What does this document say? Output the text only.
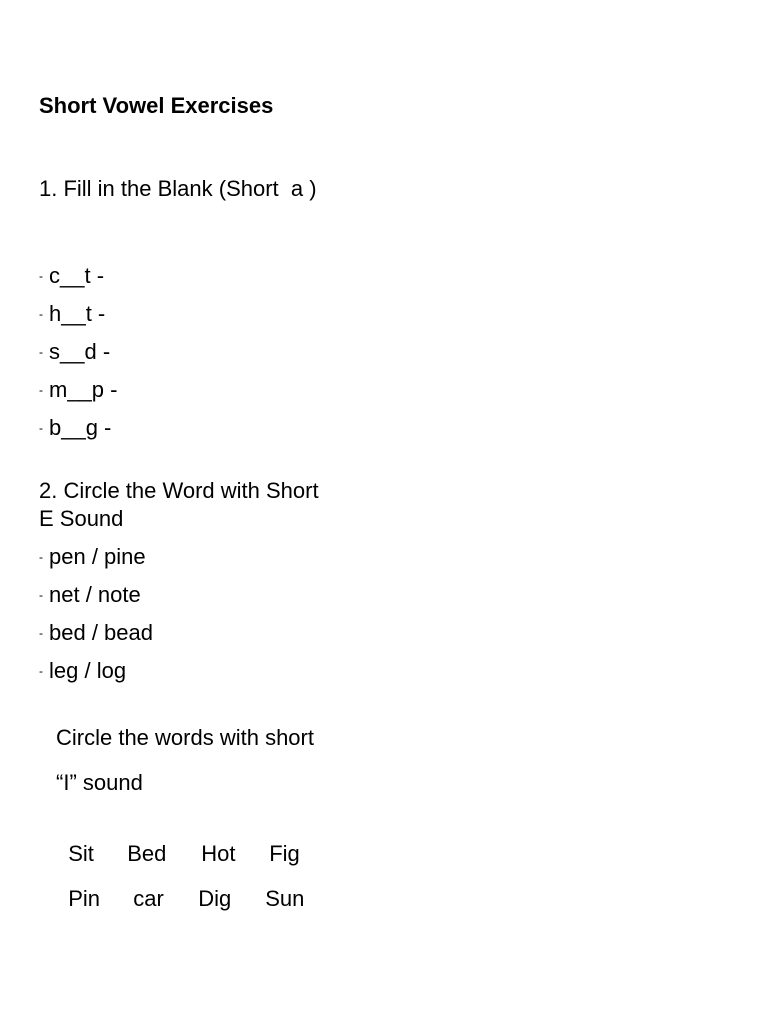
Short Vowel Exercises
1. Fill in the Blank (Short  a )
- c__t -
- h__t -
- s__d -
- m__p -
- b__g -
2. Circle the Word with Short
E Sound
- pen / pine
- net / note
- bed / bead
- leg / log
Circle the words with short
“I” sound

Sit Bed Hot Fig

Pin car Dig Sun
